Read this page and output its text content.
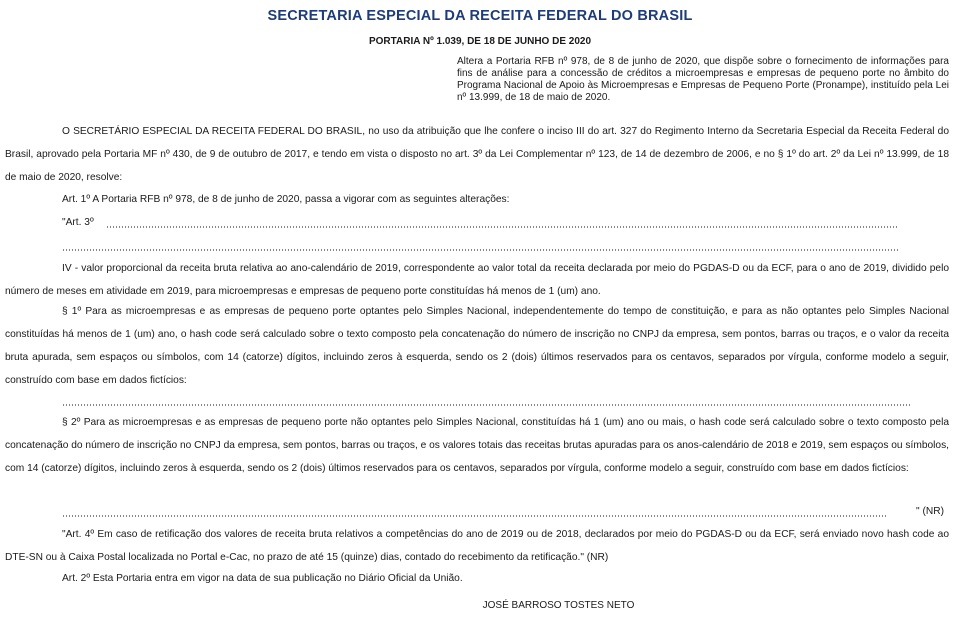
SECRETARIA ESPECIAL DA RECEITA FEDERAL DO BRASIL
PORTARIA Nº 1.039, DE 18 DE JUNHO DE 2020
Altera a Portaria RFB nº 978, de 8 de junho de 2020, que dispõe sobre o fornecimento de informações para fins de análise para a concessão de créditos a microempresas e empresas de pequeno porte no âmbito do Programa Nacional de Apoio às Microempresas e Empresas de Pequeno Porte (Pronampe), instituído pela Lei nº 13.999, de 18 de maio de 2020.

O SECRETÁRIO ESPECIAL DA RECEITA FEDERAL DO BRASIL, no uso da atribuição que lhe confere o inciso III do art. 327 do Regimento Interno da Secretaria Especial da Receita Federal do Brasil, aprovado pela Portaria MF nº 430, de 9 de outubro de 2017, e tendo em vista o disposto no art. 3º da Lei Complementar nº 123, de 14 de dezembro de 2006, e no § 1º do art. 2º da Lei nº 13.999, de 18 de maio de 2020, resolve:

Art. 1º A Portaria RFB nº 978, de 8 de junho de 2020, passa a vigorar com as seguintes alterações:

"Art. 3º

IV - valor proporcional da receita bruta relativa ao ano-calendário de 2019, correspondente ao valor total da receita declarada por meio do PGDAS-D ou da ECF, para o ano de 2019, dividido pelo número de meses em atividade em 2019, para microempresas e empresas de pequeno porte constituídas há menos de 1 (um) ano.

§ 1º Para as microempresas e as empresas de pequeno porte optantes pelo Simples Nacional, independentemente do tempo de constituição, e para as não optantes pelo Simples Nacional constituídas há menos de 1 (um) ano, o hash code será calculado sobre o texto composto pela concatenação do número de inscrição no CNPJ da empresa, sem pontos, barras ou traços, e o valor da receita bruta apurada, sem espaços ou símbolos, com 14 (catorze) dígitos, incluindo zeros à esquerda, sendo os 2 (dois) últimos reservados para os centavos, separados por vírgula, conforme modelo a seguir, construído com base em dados fictícios:

§ 2º Para as microempresas e as empresas de pequeno porte não optantes pelo Simples Nacional, constituídas há 1 (um) ano ou mais, o hash code será calculado sobre o texto composto pela concatenação do número de inscrição no CNPJ da empresa, sem pontos, barras ou traços, e os valores totais das receitas brutas apuradas para os anos-calendário de 2018 e 2019, sem espaços ou símbolos, com 14 (catorze) dígitos, incluindo zeros à esquerda, sendo os 2 (dois) últimos reservados para os centavos, separados por vírgula, conforme modelo a seguir, construído com base em dados fictícios:

" (NR)

"Art. 4º Em caso de retificação dos valores de receita bruta relativos a competências do ano de 2019 ou de 2018, declarados por meio do PGDAS-D ou da ECF, será enviado novo hash code ao DTE-SN ou à Caixa Postal localizada no Portal e-Cac, no prazo de até 15 (quinze) dias, contado do recebimento da retificação." (NR)

Art. 2º Esta Portaria entra em vigor na data de sua publicação no Diário Oficial da União.

JOSÉ BARROSO TOSTES NETO
